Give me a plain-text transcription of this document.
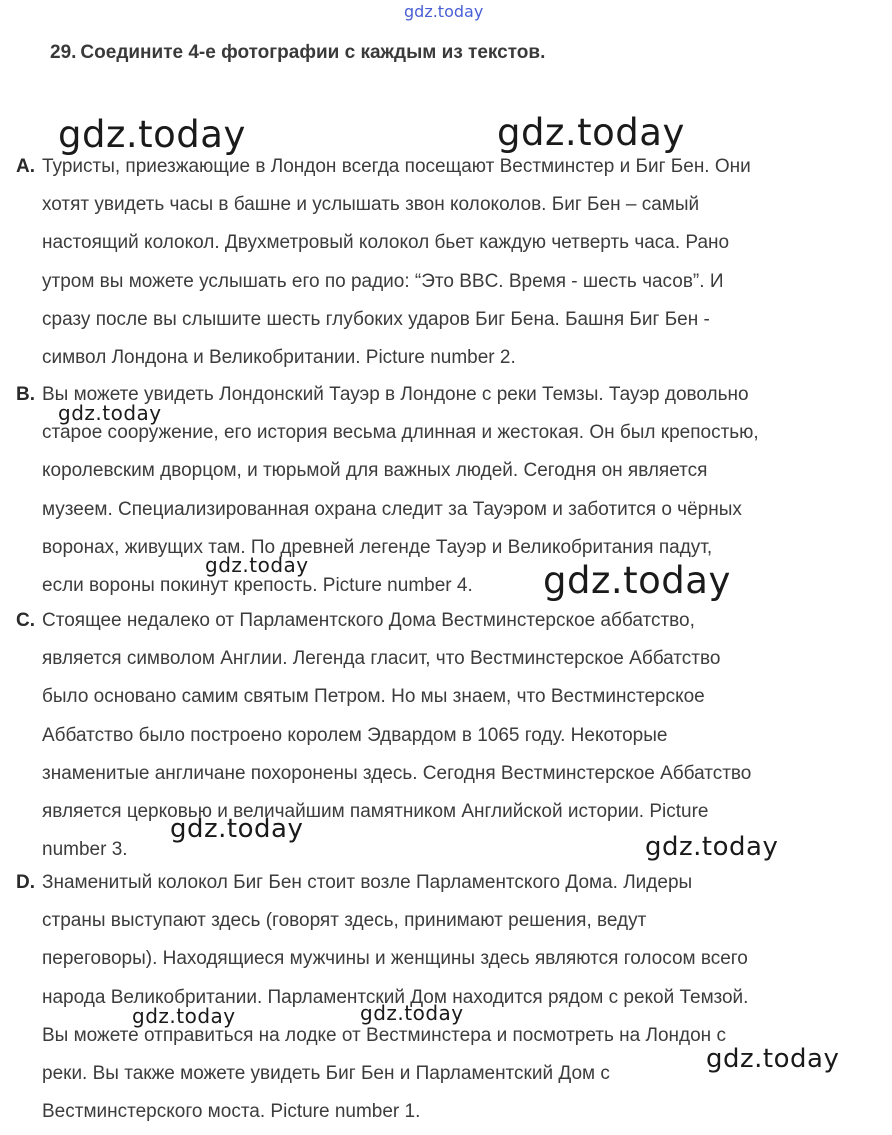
gdz.today
gdz.today	gdz.today
gdz.today
gdz.today	gdz.today
gdz.today
gdz.today
gdz.today	gdz.today
gdz.today
29. Соедините 4-е фотографии с каждым из текстов.
A. Туристы, приезжающие в Лондон всегда посещают Вестминстер и Биг Бен. Они
хотят увидеть часы в башне и услышать звон колоколов. Биг Бен – самый
настоящий колокол. Двухметровый колокол бьет каждую четверть часа. Рано
утром вы можете услышать его по радио: “Это BBC. Время - шесть часов”. И
сразу после вы слышите шесть глубоких ударов Биг Бена. Башня Биг Бен -
символ Лондона и Великобритании. Picture number 2.
B. Вы можете увидеть Лондонский Тауэр в Лондоне с реки Темзы. Тауэр довольно
старое сооружение, его история весьма длинная и жестокая. Он был крепостью,
королевским дворцом, и тюрьмой для важных людей. Сегодня он является
музеем. Специализированная охрана следит за Тауэром и заботится о чёрных
воронах, живущих там. По древней легенде Тауэр и Великобритания падут,
если вороны покинут крепость. Picture number 4.
C. Стоящее недалеко от Парламентского Дома Вестминстерское аббатство,
является символом Англии. Легенда гласит, что Вестминстерское Аббатство
было основано самим святым Петром. Но мы знаем, что Вестминстерское
Аббатство было построено королем Эдвардом в 1065 году. Некоторые
знаменитые англичане похоронены здесь. Сегодня Вестминстерское Аббатство
является церковью и величайшим памятником Английской истории. Picture
number 3.
D. Знаменитый колокол Биг Бен стоит возле Парламентского Дома. Лидеры
страны выступают здесь (говорят здесь, принимают решения, ведут
переговоры). Находящиеся мужчины и женщины здесь являются голосом всего
народа Великобритании. Парламентский Дом находится рядом с рекой Темзой.
Вы можете отправиться на лодке от Вестминстера и посмотреть на Лондон с
реки. Вы также можете увидеть Биг Бен и Парламентский Дом с
Вестминстерского моста. Picture number 1.
